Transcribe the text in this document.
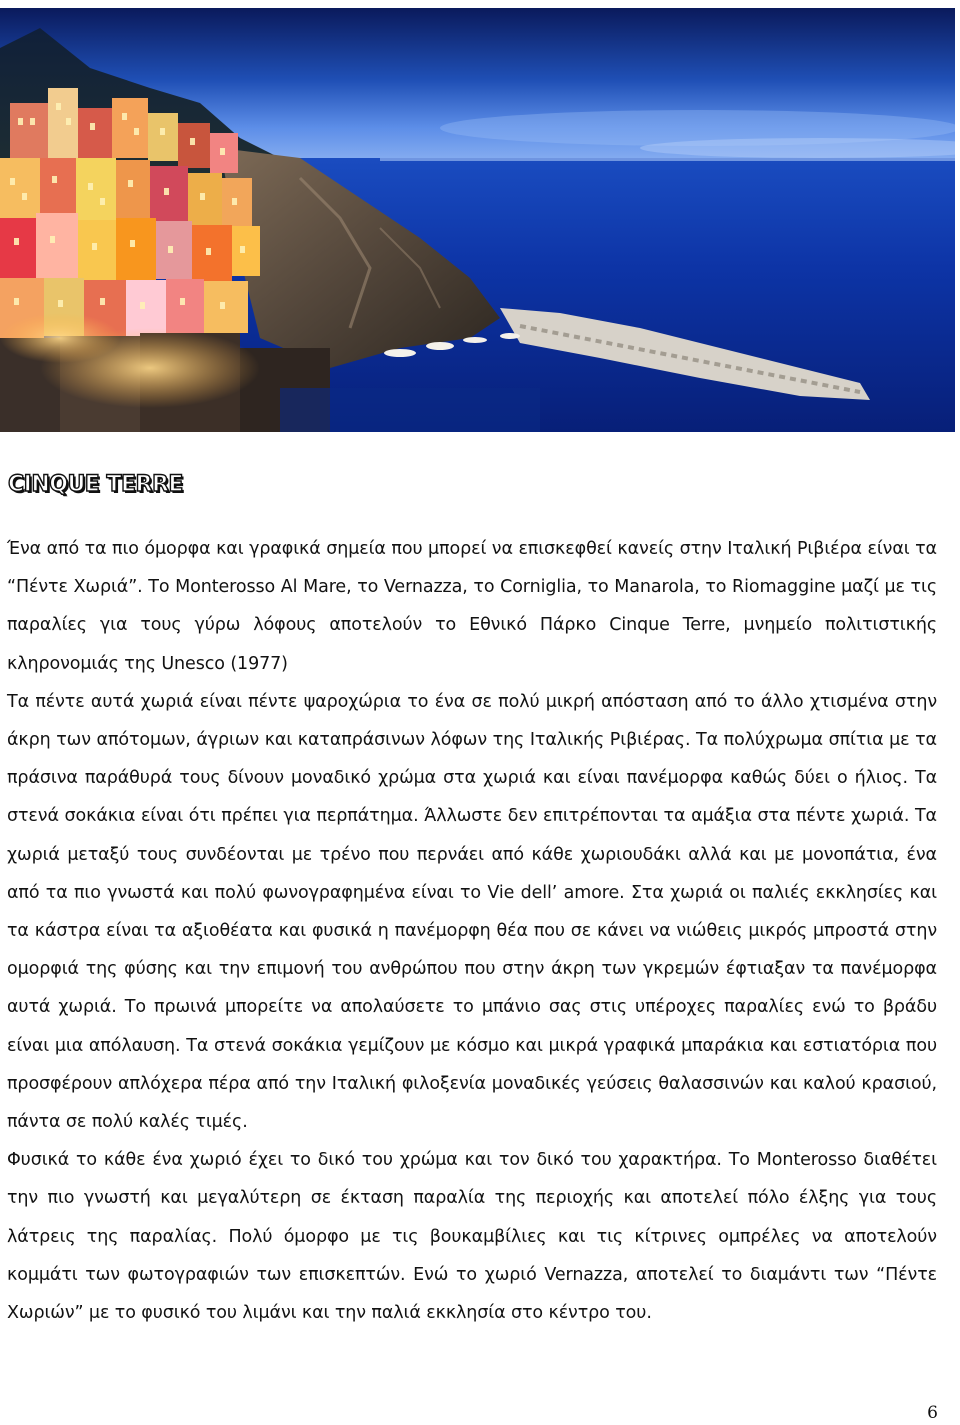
CINQUE TERRE

Ένα από τα πιο όμορφα και γραφικά σημεία που μπορεί να επισκεφθεί κανείς στην Ιταλική Ριβιέρα είναι τα “Πέντε Χωριά”. Το Monterosso Al Mare, το Vernazza, το Corniglia, το Manarola, το Riomaggine μαζί με τις παραλίες για τους γύρω λόφους αποτελούν το Εθνικό Πάρκο Cinque Terre, μνημείο πολιτιστικής κληρονομιάς της Unesco (1977)

Τα πέντε αυτά χωριά είναι πέντε ψαροχώρια το ένα σε πολύ μικρή απόσταση από το άλλο χτισμένα στην άκρη των απότομων, άγριων και καταπράσινων λόφων της Ιταλικής Ριβιέρας. Τα πολύχρωμα σπίτια με τα πράσινα παράθυρά τους δίνουν μοναδικό χρώμα στα χωριά και είναι πανέμορφα καθώς δύει ο ήλιος. Τα στενά σοκάκια είναι ότι πρέπει για περπάτημα. Άλλωστε δεν επιτρέπονται τα αμάξια στα πέντε χωριά. Τα χωριά μεταξύ τους συνδέονται με τρένο που περνάει από κάθε χωριουδάκι αλλά και με μονοπάτια, ένα από τα πιο γνωστά και πολύ φωνογραφημένα είναι το Vie dell’ amore. Στα χωριά οι παλιές εκκλησίες και τα κάστρα είναι τα αξιοθέατα και φυσικά η πανέμορφη θέα που σε κάνει να νιώθεις μικρός μπροστά στην ομορφιά της φύσης και την επιμονή του ανθρώπου που στην άκρη των γκρεμών έφτιαξαν τα πανέμορφα αυτά χωριά. Το πρωινά μπορείτε να απολαύσετε το μπάνιο σας στις υπέροχες παραλίες ενώ το βράδυ είναι μια απόλαυση. Τα στενά σοκάκια γεμίζουν με κόσμο και μικρά γραφικά μπαράκια και εστιατόρια που προσφέρουν απλόχερα πέρα από την Ιταλική φιλοξενία μοναδικές γεύσεις θαλασσινών και καλού κρασιού, πάντα σε πολύ καλές τιμές.

Φυσικά το κάθε ένα χωριό έχει το δικό του χρώμα και τον δικό του χαρακτήρα. Το Monterosso διαθέτει την πιο γνωστή και μεγαλύτερη σε έκταση παραλία της περιοχής και αποτελεί πόλο έλξης για τους λάτρεις της παραλίας. Πολύ όμορφο με τις βουκαμβίλιες και τις κίτρινες ομπρέλες να αποτελούν κομμάτι των φωτογραφιών των επισκεπτών. Ενώ το χωριό Vernazza, αποτελεί το διαμάντι των “Πέντε Χωριών” με το φυσικό του λιμάνι και την παλιά εκκλησία στο κέντρο του.

6
